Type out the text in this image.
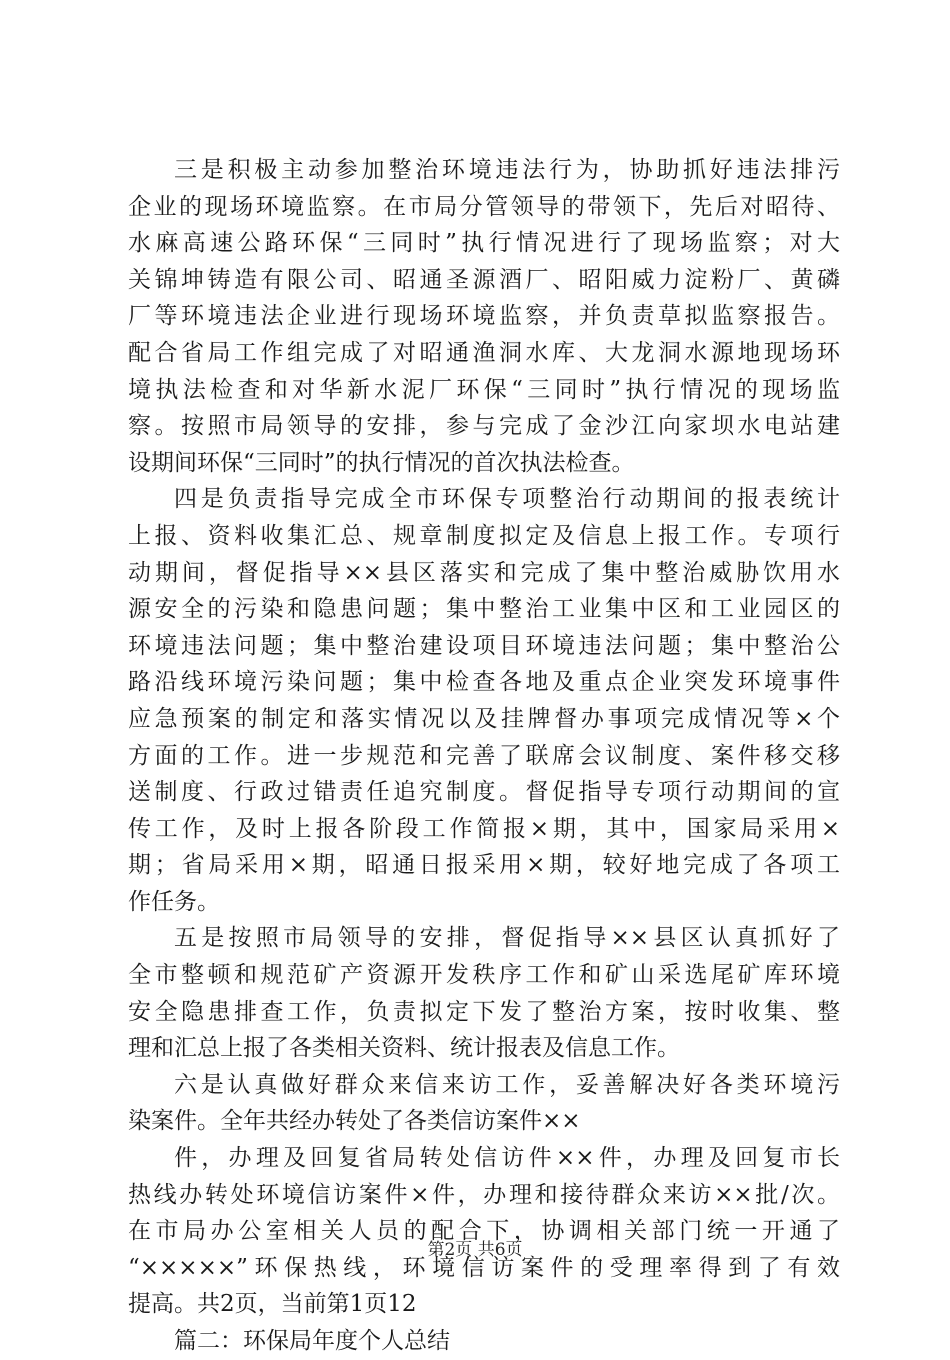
三是积极主动参加整治环境违法行为，协助抓好违法排污
企业的现场环境监察。在市局分管领导的带领下，先后对昭待、
水麻高速公路环保“三同时”执行情况进行了现场监察；对大
关锦坤铸造有限公司、昭通圣源酒厂、昭阳威力淀粉厂、黄磷
厂等环境违法企业进行现场环境监察，并负责草拟监察报告。
配合省局工作组完成了对昭通渔洞水库、大龙洞水源地现场环
境执法检查和对华新水泥厂环保“三同时”执行情况的现场监
察。按照市局领导的安排，参与完成了金沙江向家坝水电站建
设期间环保“三同时”的执行情况的首次执法检查。
四是负责指导完成全市环保专项整治行动期间的报表统计
上报、资料收集汇总、规章制度拟定及信息上报工作。专项行
动期间，督促指导××县区落实和完成了集中整治威胁饮用水
源安全的污染和隐患问题；集中整治工业集中区和工业园区的
环境违法问题；集中整治建设项目环境违法问题；集中整治公
路沿线环境污染问题；集中检查各地及重点企业突发环境事件
应急预案的制定和落实情况以及挂牌督办事项完成情况等×个
方面的工作。进一步规范和完善了联席会议制度、案件移交移
送制度、行政过错责任追究制度。督促指导专项行动期间的宣
传工作，及时上报各阶段工作简报×期，其中，国家局采用×
期；省局采用×期，昭通日报采用×期，较好地完成了各项工
作任务。
五是按照市局领导的安排，督促指导××县区认真抓好了
全市整顿和规范矿产资源开发秩序工作和矿山采选尾矿库环境
安全隐患排查工作，负责拟定下发了整治方案，按时收集、整
理和汇总上报了各类相关资料、统计报表及信息工作。
六是认真做好群众来信来访工作，妥善解决好各类环境污
染案件。全年共经办转处了各类信访案件××
件，办理及回复省局转处信访件××件，办理及回复市长
热线办转处环境信访案件×件，办理和接待群众来访××批/次。
在市局办公室相关人员的配合下，协调相关部门统一开通了
“×××××”环保热线，环境信访案件的受理率得到了有效
提高。共2页，当前第1页12
篇二：环保局年度个人总结
第2页 共6页
